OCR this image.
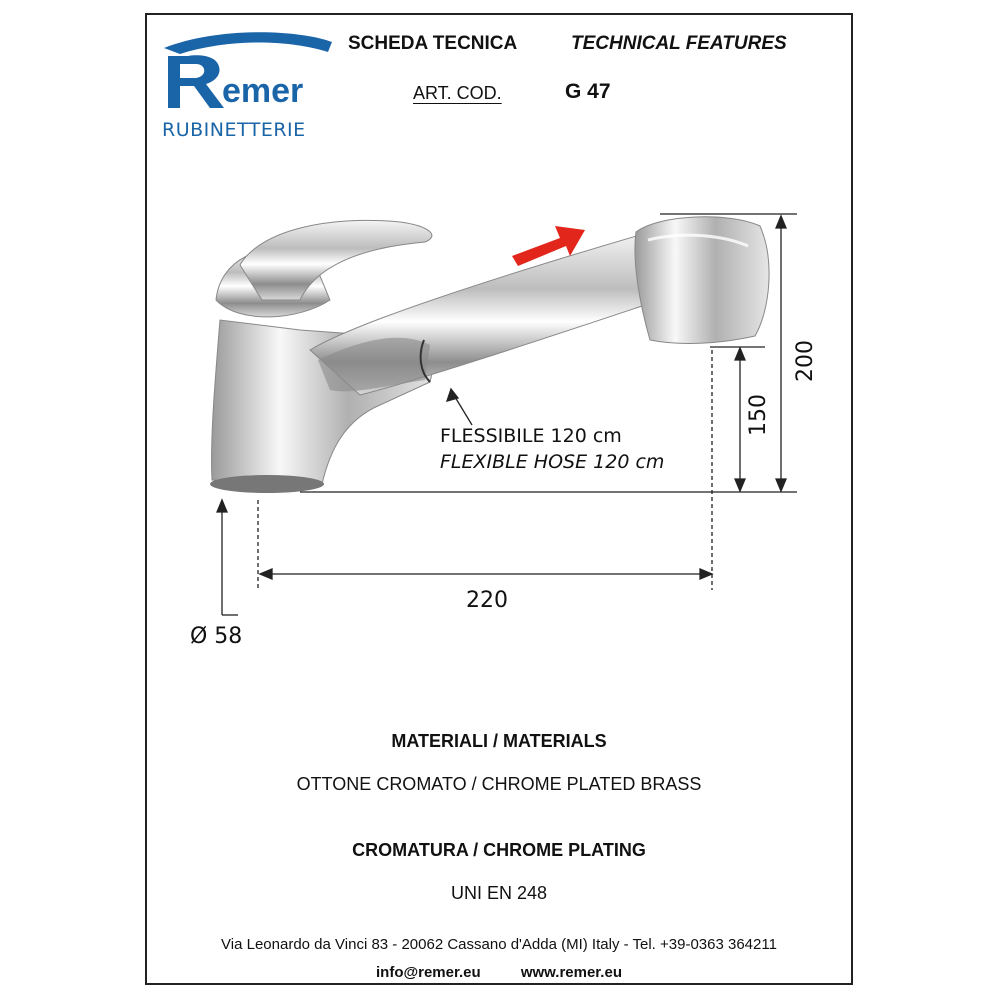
emer
RUBINETTERIE
SCHEDA TECNICA	TECHNICAL FEATURES
ART. COD.	G 47
FLESSIBILE 120 cm
FLEXIBLE HOSE 120 cm
220
Ø 58
150
200
MATERIALI / MATERIALS
OTTONE CROMATO / CHROME PLATED BRASS
CROMATURA / CHROME PLATING
UNI EN 248
Via Leonardo da Vinci 83 - 20062 Cassano d'Adda (MI) Italy - Tel. +39-0363 364211
info@remer.eu	www.remer.eu
